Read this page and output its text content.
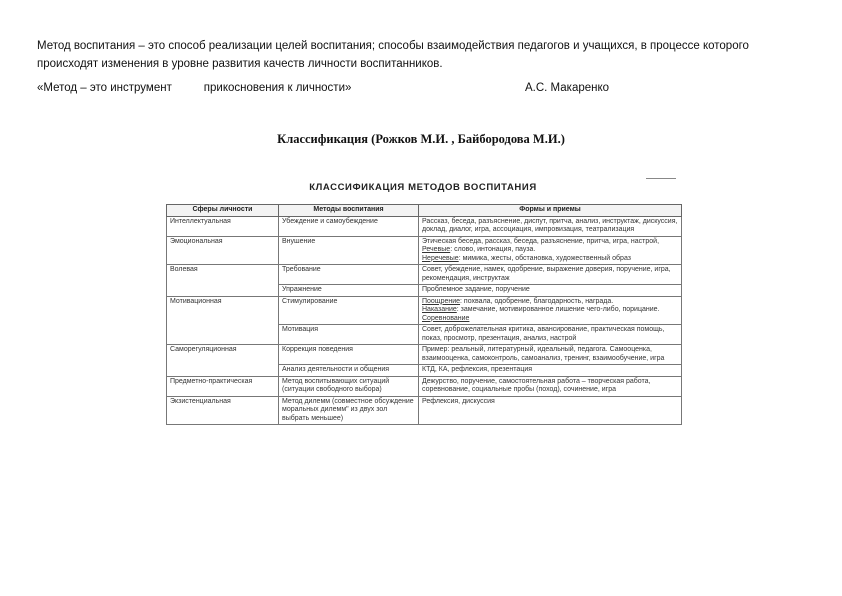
Метод воспитания – это способ реализации целей воспитания; способы взаимодействия педагогов и учащихся, в процессе которого происходят изменения в уровне развития качеств личности воспитанников.
«Метод – это инструмент          прикосновения к личности»	А.С. Макаренко
Классификация (Рожков М.И. , Байбородова М.И.)
КЛАССИФИКАЦИЯ МЕТОДОВ ВОСПИТАНИЯ
Сферы личности	Методы воспитания	Формы и приемы
Интеллектуальная	Убеждение и самоубеждение	Рассказ, беседа, разъяснение, диспут, притча, анализ, инструктаж, дискуссия, доклад, диалог, игра, ассоциация, импровизация, театрализация
Эмоциональная	Внушение	Этическая беседа, рассказ, беседа, разъяснение, притча, игра, настрой,
Речевые: слово, интонация, пауза.
Неречевые: мимика, жесты, обстановка, художественный образ
Волевая	Требование	Совет, убеждение, намек, одобрение, выражение доверия, поручение, игра, рекомендация, инструктаж
	Упражнение	Проблемное задание, поручение
Мотивационная	Стимулирование	Поощрение: похвала, одобрение, благодарность, награда.
Наказание: замечание, мотивированное лишение чего-либо, порицание.
Соревнование
	Мотивация	Совет, доброжелательная критика, авансирование, практическая помощь, показ, просмотр, презентация, анализ, настрой
Саморегуляционная	Коррекция поведения	Пример: реальный, литературный, идеальный, педагога. Самооценка, взаимооценка, самоконтроль, самоанализ, тренинг, взаимообучение, игра
	Анализ деятельности и общения	КТД, КА, рефлексия, презентация
Предметно-практическая	Метод воспитывающих ситуаций (ситуации свободного выбора)	Дежурство, поручение, самостоятельная работа – творческая работа, соревнование, социальные пробы (поход), сочинение, игра
Экзистенциальная	Метод дилемм (совместное обсуждение моральных дилемм" из двух зол выбрать меньшее)	Рефлексия, дискуссия
